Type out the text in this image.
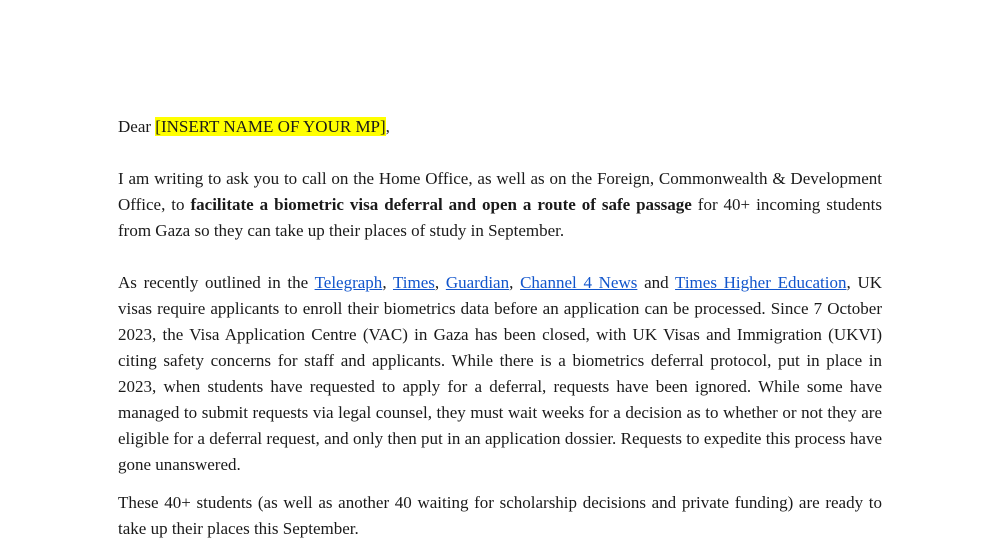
Dear [INSERT NAME OF YOUR MP],

I am writing to ask you to call on the Home Office, as well as on the Foreign, Commonwealth & Development Office, to facilitate a biometric visa deferral and open a route of safe passage for 40+ incoming students from Gaza so they can take up their places of study in September.

As recently outlined in the Telegraph, Times, Guardian, Channel 4 News and Times Higher Education, UK visas require applicants to enroll their biometrics data before an application can be processed. Since 7 October 2023, the Visa Application Centre (VAC) in Gaza has been closed, with UK Visas and Immigration (UKVI) citing safety concerns for staff and applicants. While there is a biometrics deferral protocol, put in place in 2023, when students have requested to apply for a deferral, requests have been ignored. While some have managed to submit requests via legal counsel, they must wait weeks for a decision as to whether or not they are eligible for a deferral request, and only then put in an application dossier. Requests to expedite this process have gone unanswered.

These 40+ students (as well as another 40 waiting for scholarship decisions and private funding) are ready to take up their places this September.
